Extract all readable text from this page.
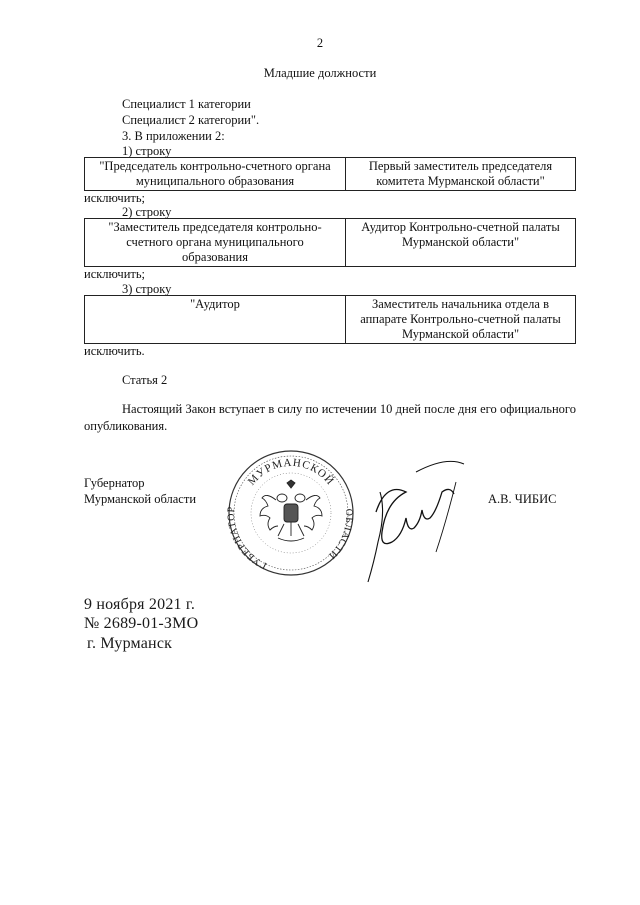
2
Младшие должности
Специалист 1 категории
Специалист 2 категории".
3. В приложении 2:
1) строку
"Председатель контрольно-счетного органа
муниципального образования

Первый заместитель председателя
комитета Мурманской области"
исключить;
2) строку
"Заместитель председателя контрольно-
счетного органа муниципального
образования

Аудитор Контрольно-счетной палаты
Мурманской области"
исключить;
3) строку
"Аудитор	Заместитель начальника отдела в
аппарате Контрольно-счетной палаты
Мурманской области"
исключить.
Статья 2
Настоящий Закон вступает в силу по истечении 10 дней после дня его официального опубликования.
Губернатор
Мурманской области	А.В. ЧИБИС
МУРМАНСКОЙ
ГУБЕРНАТОР	ОБЛАСТИ
9 ноября 2021 г.
№ 2689-01-ЗМО
г. Мурманск
